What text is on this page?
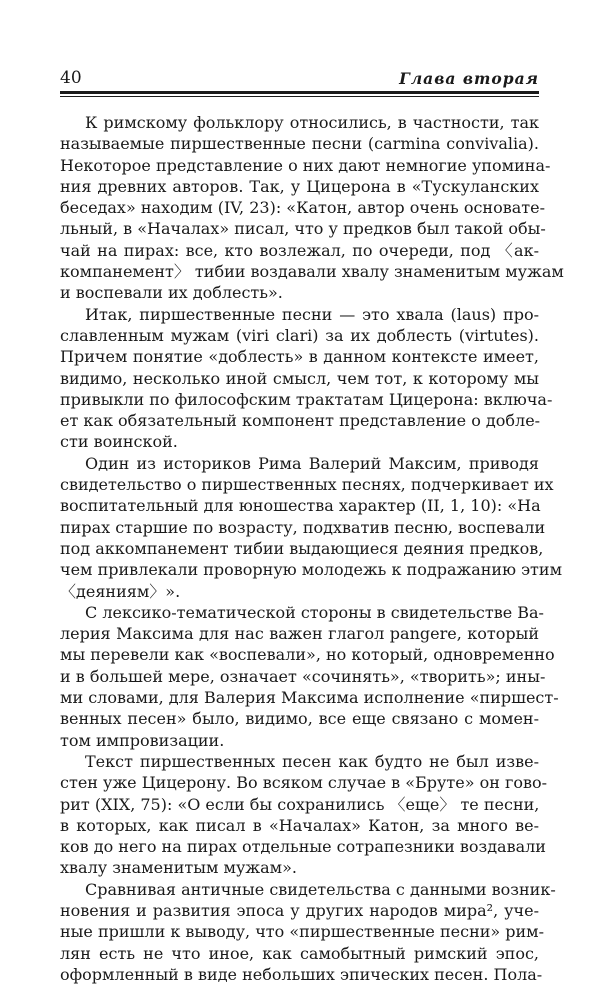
40	Глава вторая
К римскому фольклору относились, в частности, так
называемые пиршественные песни (carmina convivalia).
Некоторое представление о них дают немногие упомина-
ния древних авторов. Так, у Цицерона в «Тускуланских
беседах» находим (IV, 23): «Катон, автор очень основате-
льный, в «Началах» писал, что у предков был такой обы-
чай на пирах: все, кто возлежал, по очереди, под 〈ак-
компанемент〉 тибии воздавали хвалу знаменитым мужам
и воспевали их доблесть».
Итак, пиршественные песни — это хвала (laus) про-
славленным мужам (viri clari) за их доблесть (virtutes).
Причем понятие «доблесть» в данном контексте имеет,
видимо, несколько иной смысл, чем тот, к которому мы
привыкли по философским трактатам Цицерона: включа-
ет как обязательный компонент представление о добле-
сти воинской.
Один из историков Рима Валерий Максим, приводя
свидетельство о пиршественных песнях, подчеркивает их
воспитательный для юношества характер (II, 1, 10): «На
пирах старшие по возрасту, подхватив песню, воспевали
под аккомпанемент тибии выдающиеся деяния предков,
чем привлекали проворную молодежь к подражанию этим
〈деяниям〉».
С лексико-тематической стороны в свидетельстве Ва-
лерия Максима для нас важен глагол pangere, который
мы перевели как «воспевали», но который, одновременно
и в большей мере, означает «сочинять», «творить»; ины-
ми словами, для Валерия Максима исполнение «пиршест-
венных песен» было, видимо, все еще связано с момен-
том импровизации.
Текст пиршественных песен как будто не был изве-
стен уже Цицерону. Во всяком случае в «Бруте» он гово-
рит (XIX, 75): «О если бы сохранились 〈еще〉 те песни,
в которых, как писал в «Началах» Катон, за много ве-
ков до него на пирах отдельные сотрапезники воздавали
хвалу знаменитым мужам».
Сравнивая античные свидетельства с данными возник-
новения и развития эпоса у других народов мира², уче-
ные пришли к выводу, что «пиршественные песни» рим-
лян есть не что иное, как самобытный римский эпос,
оформленный в виде небольших эпических песен. Пола-
